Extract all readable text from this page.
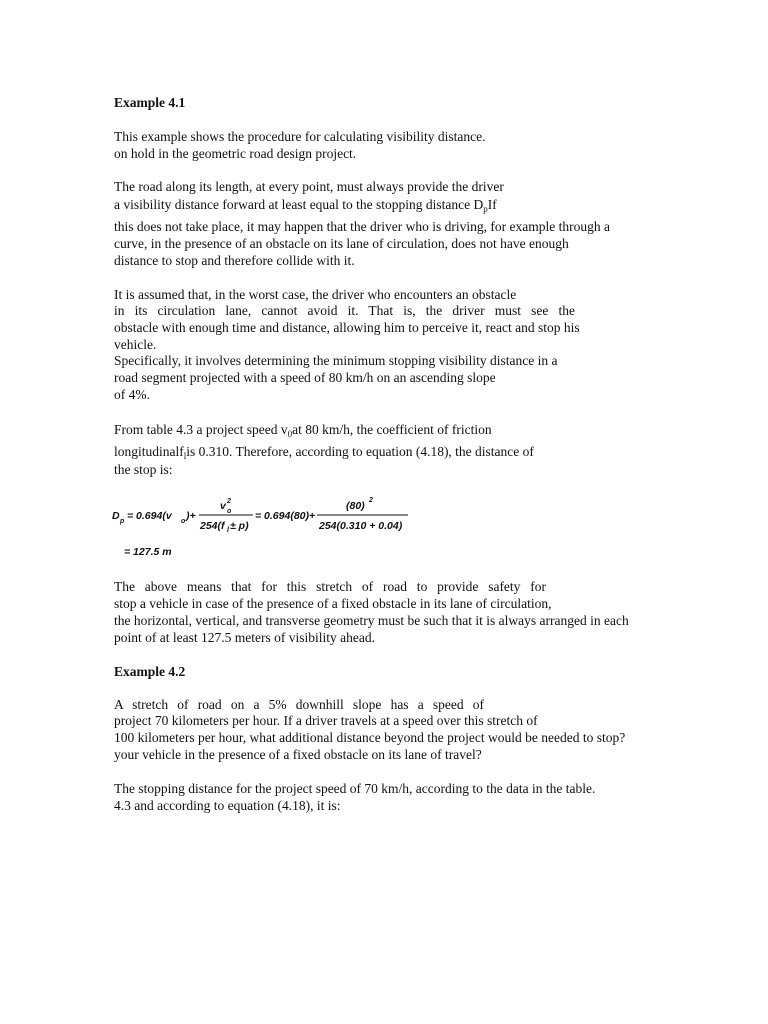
Example 4.1
This example shows the procedure for calculating visibility distance.
on hold in the geometric road design project.
The road along its length, at every point, must always provide the driver
a visibility distance forward at least equal to the stopping distance $D_pIf$
this does not take place, it may happen that the driver who is driving, for example through a
curve, in the presence of an obstacle on its lane of circulation, does not have enough
distance to stop and therefore collide with it.
It is assumed that, in the worst case, the driver who encounters an obstacle
in its circulation lane, cannot avoid it. That is, the driver must see the
obstacle with enough time and distance, allowing him to perceive it, react and stop his
vehicle.
Specifically, it involves determining the minimum stopping visibility distance in a
road segment projected with a speed of 80 km/h on an ascending slope
of 4%.
From table 4.3 a project speed $v_0at$ 80 km/h, the coefficient of friction
longitudinalf$_l$is 0.310. Therefore, according to equation (4.18), the distance of
the stop is:
D p = 0.694(v o )+
v 2
o
254(f l ± p)
= 0.694(80)+
(80) 2
254(0.310 + 0.04)
= 127.5 m
The above means that for this stretch of road to provide safety for
stop a vehicle in case of the presence of a fixed obstacle in its lane of circulation,
the horizontal, vertical, and transverse geometry must be such that it is always arranged in each
point of at least 127.5 meters of visibility ahead.
Example 4.2
A stretch of road on a 5% downhill slope has a speed of
project 70 kilometers per hour. If a driver travels at a speed over this stretch of
100 kilometers per hour, what additional distance beyond the project would be needed to stop?
your vehicle in the presence of a fixed obstacle on its lane of travel?
The stopping distance for the project speed of 70 km/h, according to the data in the table.
4.3 and according to equation (4.18), it is:
